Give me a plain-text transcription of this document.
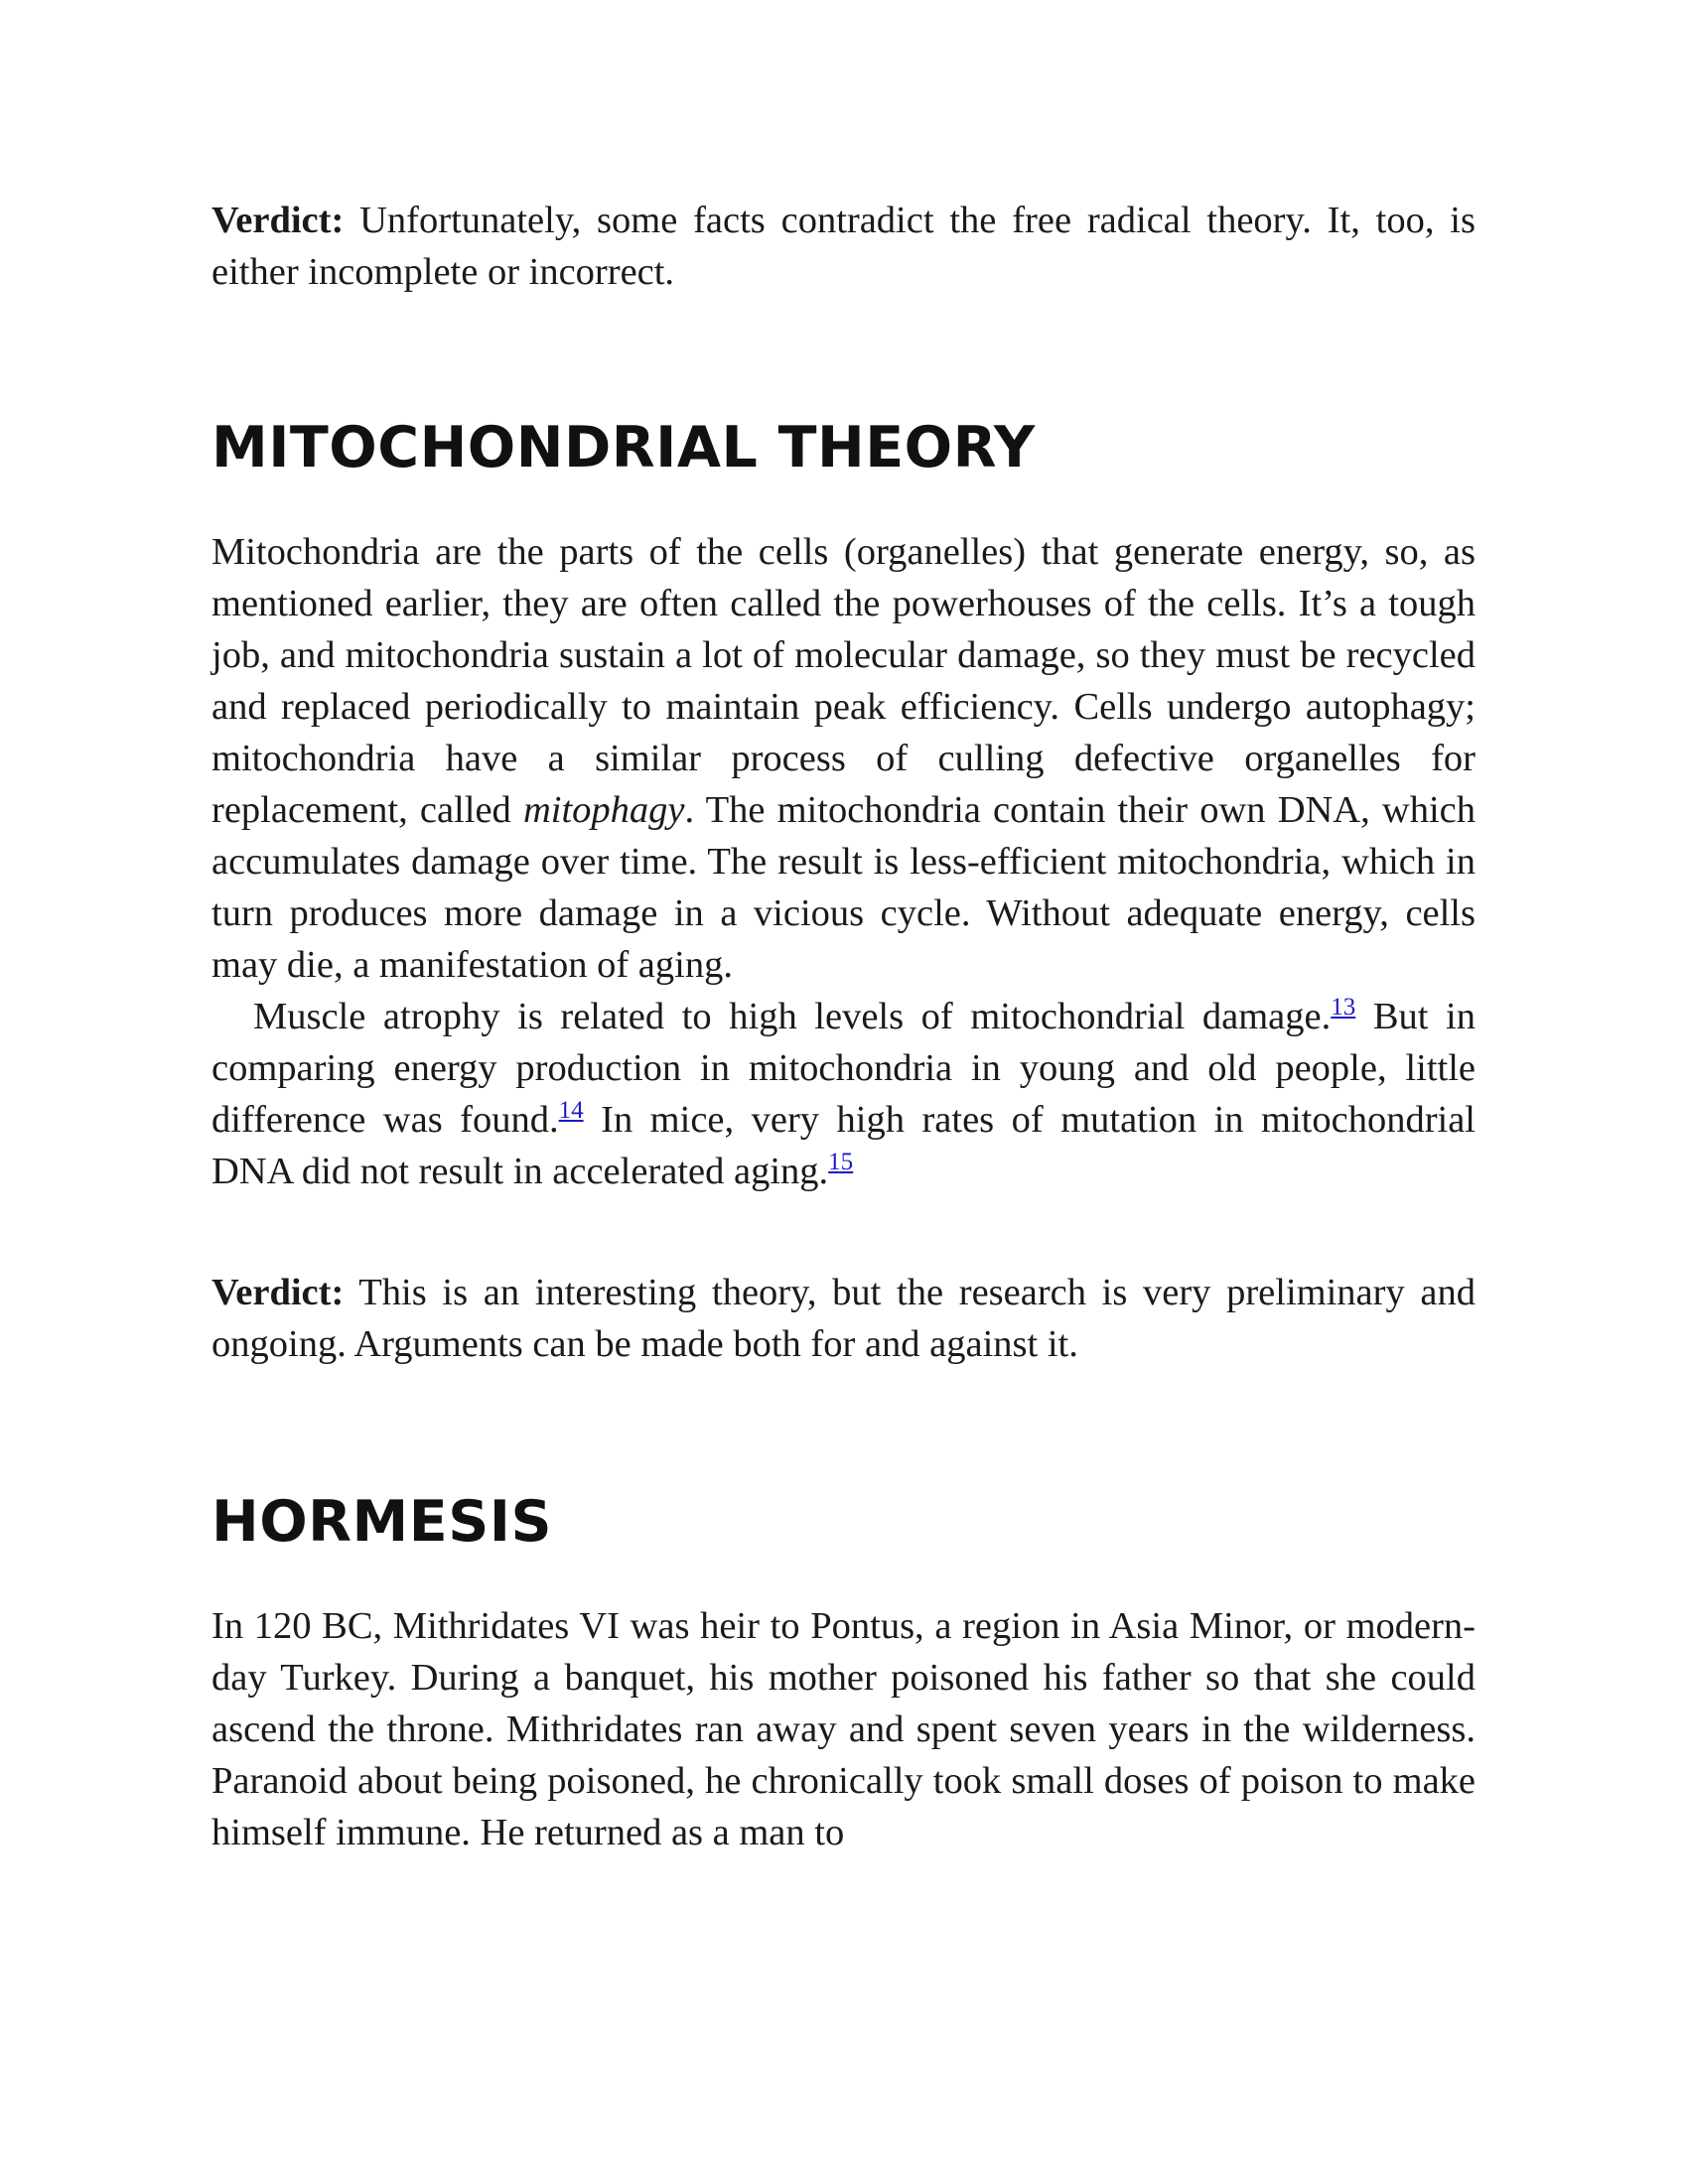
Verdict: Unfortunately, some facts contradict the free radical theory. It, too, is either incomplete or incorrect.

MITOCHONDRIAL THEORY

Mitochondria are the parts of the cells (organelles) that generate energy, so, as mentioned earlier, they are often called the powerhouses of the cells. It’s a tough job, and mitochondria sustain a lot of molecular damage, so they must be recycled and replaced periodically to maintain peak efficiency. Cells undergo autophagy; mitochondria have a similar process of culling defective organelles for replacement, called mitophagy. The mitochondria contain their own DNA, which accumulates damage over time. The result is less-efficient mitochondria, which in turn produces more damage in a vicious cycle. Without adequate energy, cells may die, a manifestation of aging.

Muscle atrophy is related to high levels of mitochondrial damage.$^{13}$ But in comparing energy production in mitochondria in young and old people, little difference was found.$^{14}$ In mice, very high rates of mutation in mitochondrial DNA did not result in accelerated aging.$^{15}$

Verdict: This is an interesting theory, but the research is very preliminary and ongoing. Arguments can be made both for and against it.

HORMESIS

In 120 BC, Mithridates VI was heir to Pontus, a region in Asia Minor, or modern-day Turkey. During a banquet, his mother poisoned his father so that she could ascend the throne. Mithridates ran away and spent seven years in the wilderness. Paranoid about being poisoned, he chronically took small doses of poison to make himself immune. He returned as a man to
